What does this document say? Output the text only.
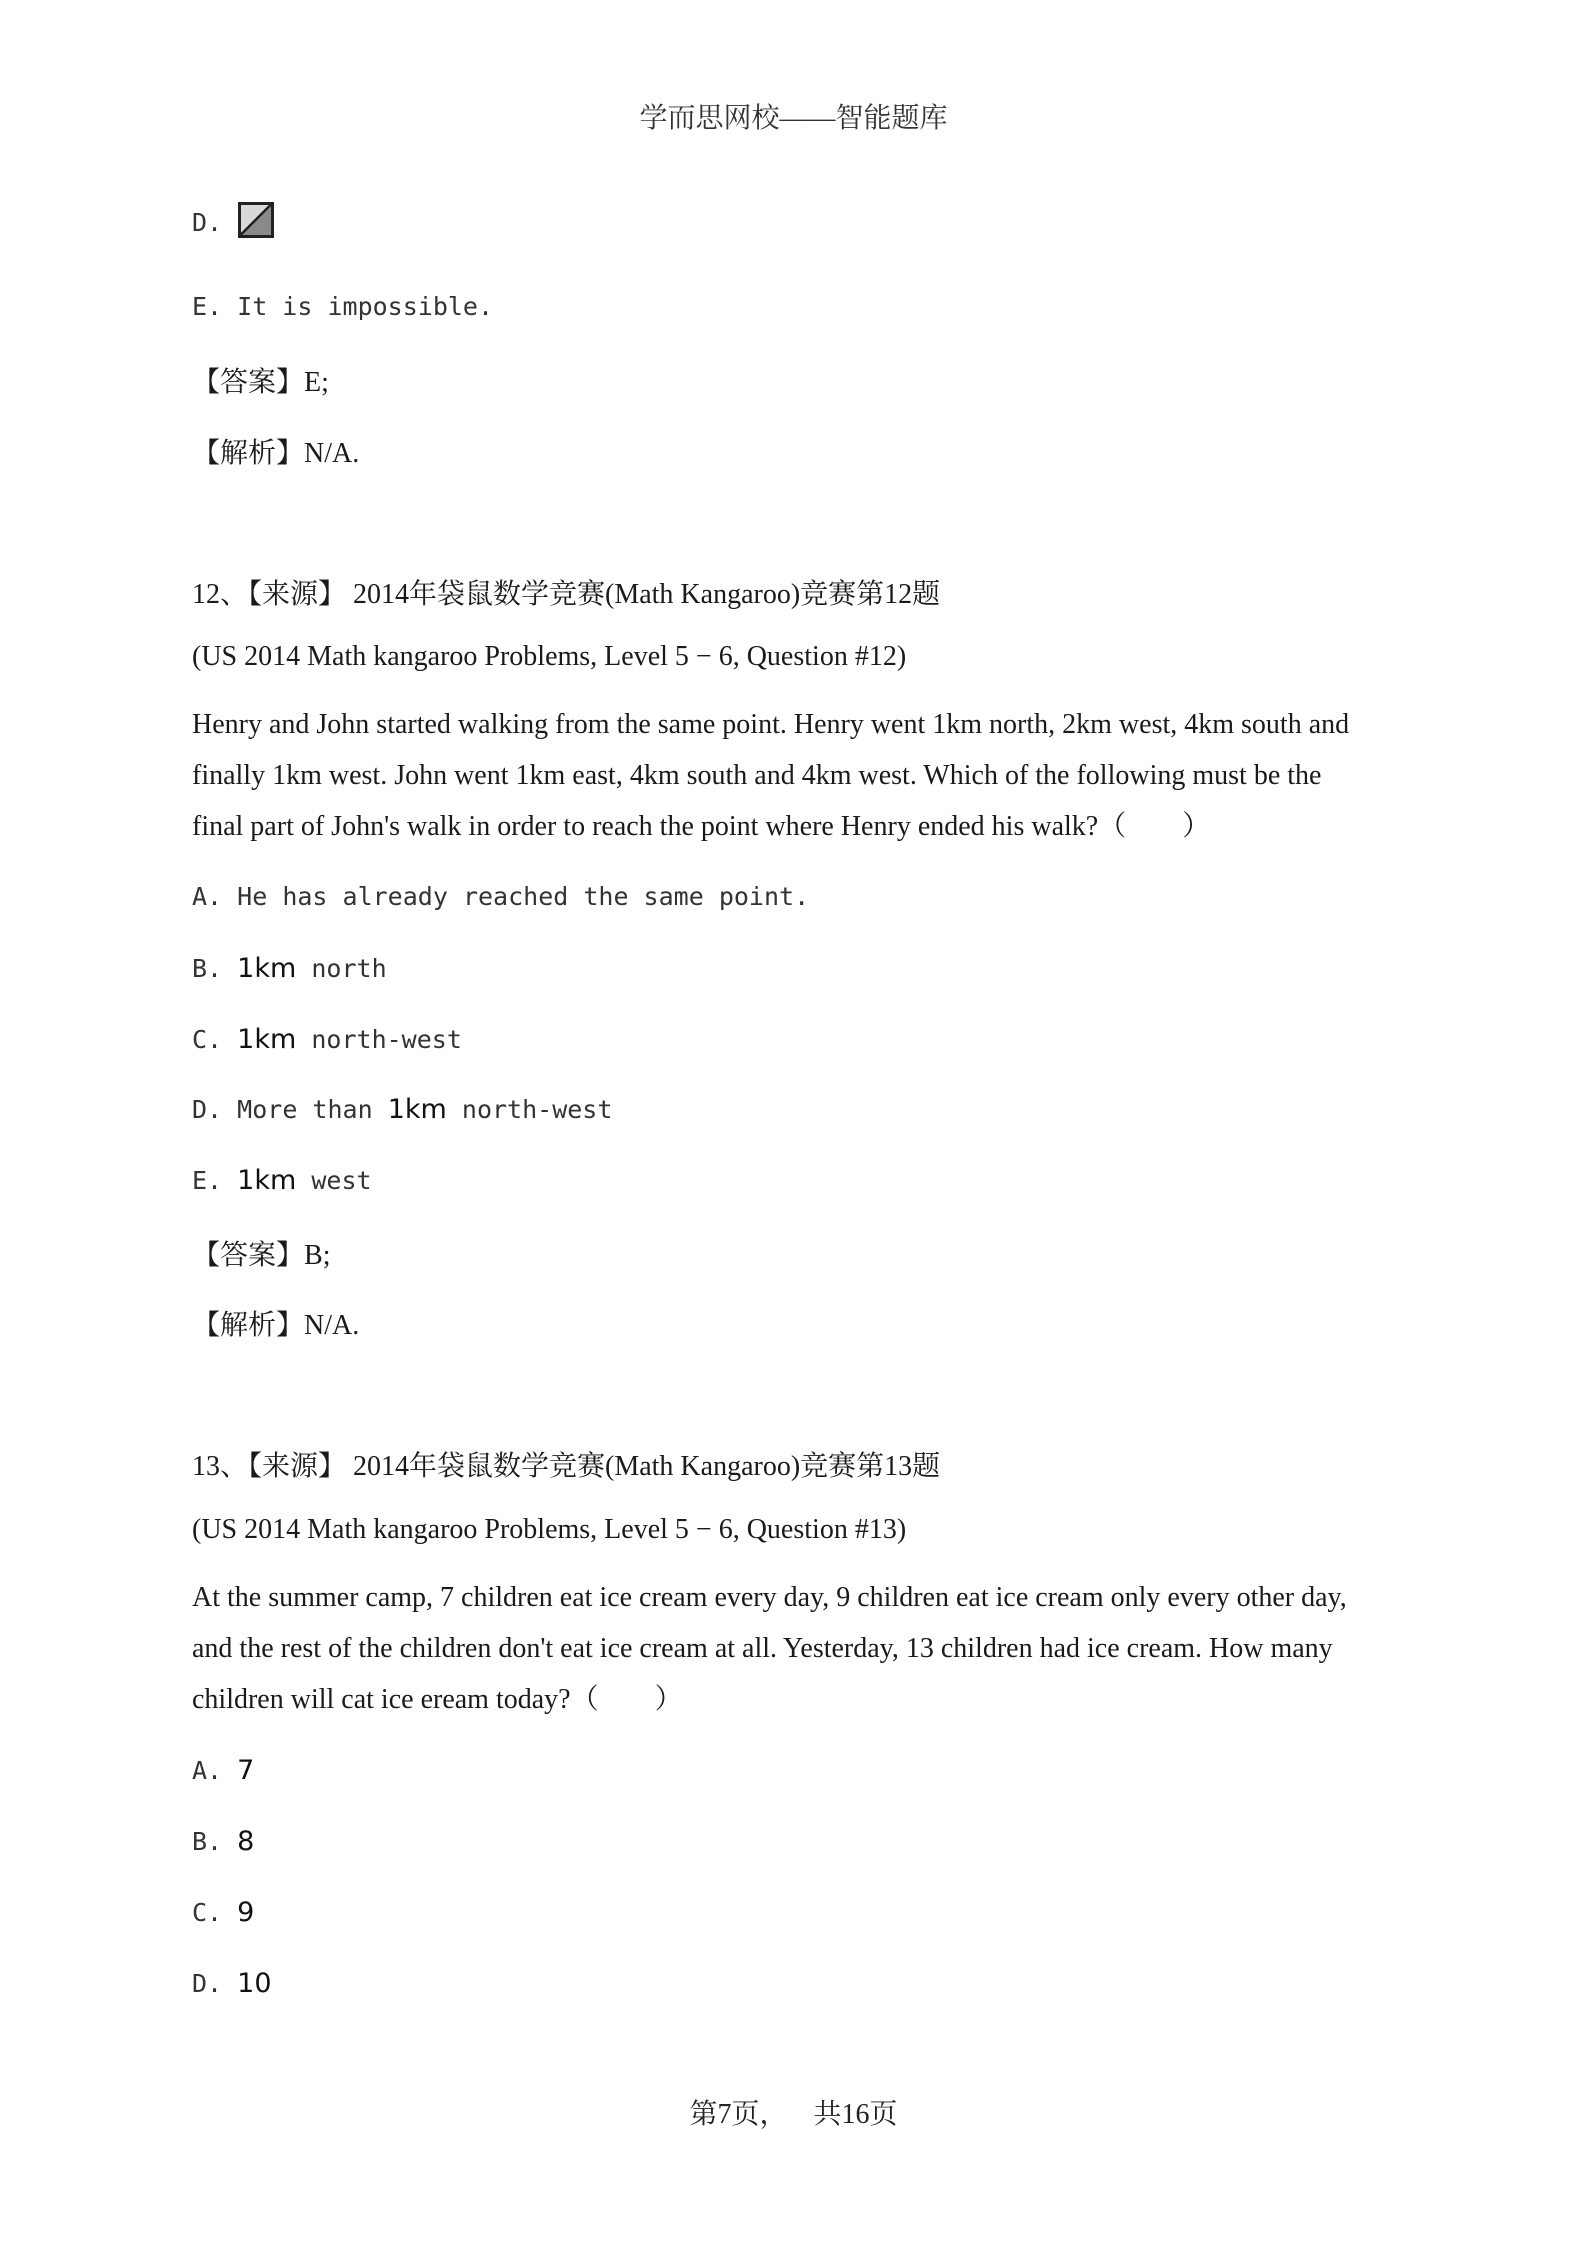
学而思网校——智能题库
D.
E. It is impossible.
【答案】E;
【解析】N/A.
12、【来源】 2014年袋鼠数学竞赛(Math Kangaroo)竞赛第12题
(US 2014 Math kangaroo Problems, Level 5 − 6, Question #12)

Henry and John started walking from the same point. Henry went 1km north, 2km west, 4km south and

finally 1km west. John went 1km east, 4km south and 4km west. Which of the following must be the

final part of John's walk in order to reach the point where Henry ended his walk?（　　）

A. He has already reached the same point.
B. 1km north
C. 1km north-west
D. More than 1km north-west
E. 1km west
【答案】B;
【解析】N/A.
13、【来源】 2014年袋鼠数学竞赛(Math Kangaroo)竞赛第13题
(US 2014 Math kangaroo Problems, Level 5 − 6, Question #13)

At the summer camp, 7 children eat ice cream every day, 9 children eat ice cream only every other day,

and the rest of the children don't eat ice cream at all. Yesterday, 13 children had ice cream. How many

children will cat ice eream today?（　　）

A. 7
B. 8
C. 9
D. 10
第7页， 共16页
